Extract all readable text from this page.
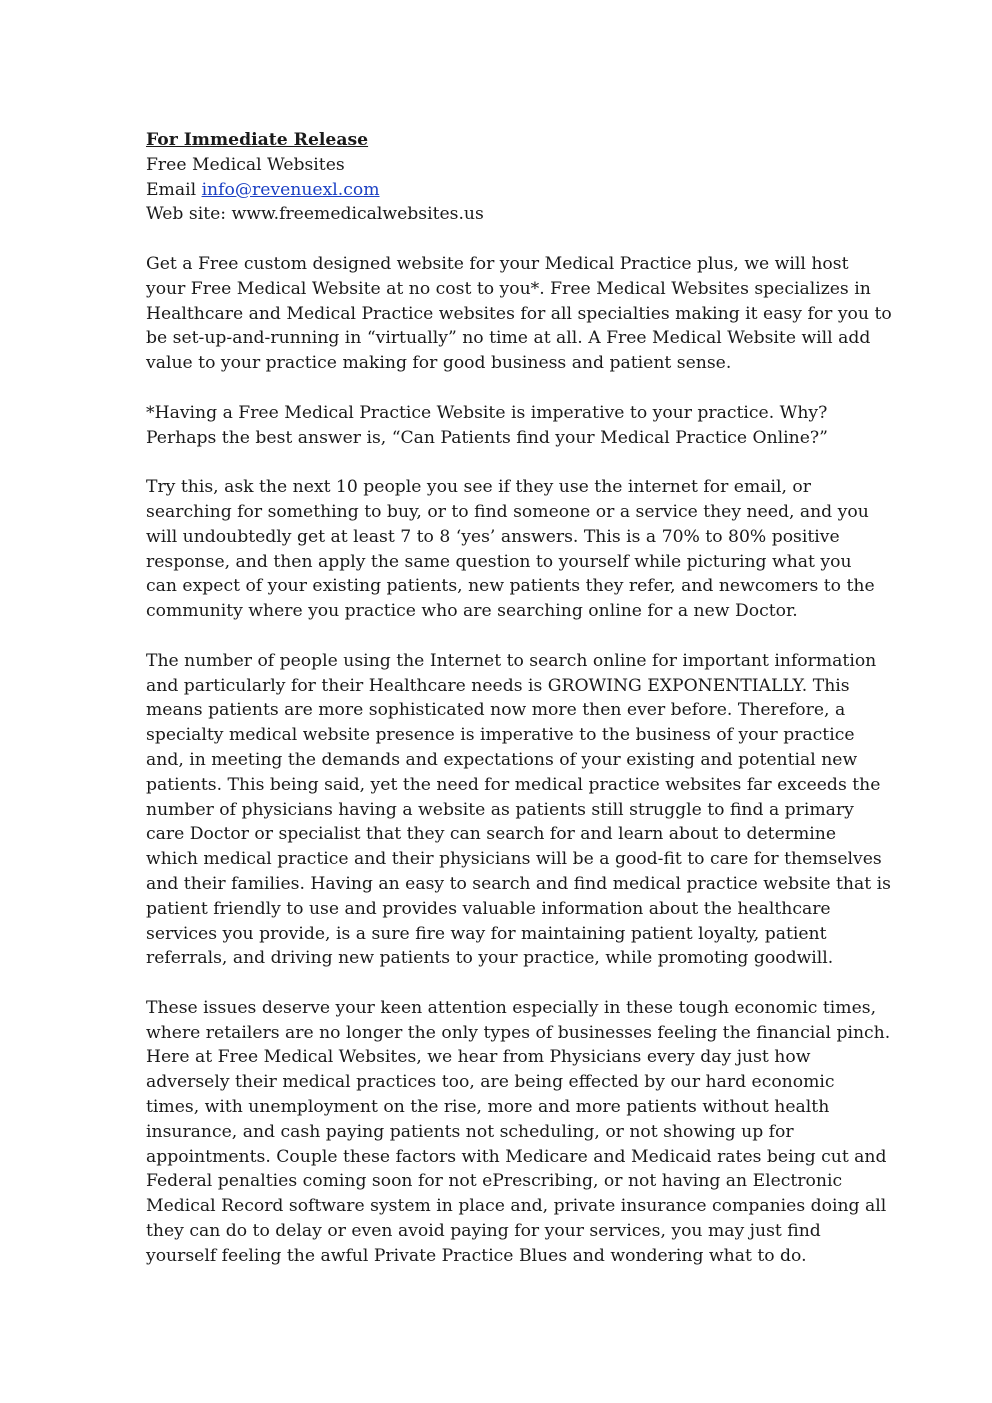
For Immediate Release
Free Medical Websites
Email info@revenuexl.com
Web site: www.freemedicalwebsites.us

Get a Free custom designed website for your Medical Practice plus, we will host
your Free Medical Website at no cost to you*. Free Medical Websites specializes in
Healthcare and Medical Practice websites for all specialties making it easy for you to
be set-up-and-running in “virtually” no time at all. A Free Medical Website will add
value to your practice making for good business and patient sense.

*Having a Free Medical Practice Website is imperative to your practice. Why?
Perhaps the best answer is, “Can Patients find your Medical Practice Online?”

Try this, ask the next 10 people you see if they use the internet for email, or
searching for something to buy, or to find someone or a service they need, and you
will undoubtedly get at least 7 to 8 ‘yes’ answers. This is a 70% to 80% positive
response, and then apply the same question to yourself while picturing what you
can expect of your existing patients, new patients they refer, and newcomers to the
community where you practice who are searching online for a new Doctor.

The number of people using the Internet to search online for important information
and particularly for their Healthcare needs is GROWING EXPONENTIALLY. This
means patients are more sophisticated now more then ever before. Therefore, a
specialty medical website presence is imperative to the business of your practice
and, in meeting the demands and expectations of your existing and potential new
patients. This being said, yet the need for medical practice websites far exceeds the
number of physicians having a website as patients still struggle to find a primary
care Doctor or specialist that they can search for and learn about to determine
which medical practice and their physicians will be a good-fit to care for themselves
and their families. Having an easy to search and find medical practice website that is
patient friendly to use and provides valuable information about the healthcare
services you provide, is a sure fire way for maintaining patient loyalty, patient
referrals, and driving new patients to your practice, while promoting goodwill.

These issues deserve your keen attention especially in these tough economic times,
where retailers are no longer the only types of businesses feeling the financial pinch.
Here at Free Medical Websites, we hear from Physicians every day just how
adversely their medical practices too, are being effected by our hard economic
times, with unemployment on the rise, more and more patients without health
insurance, and cash paying patients not scheduling, or not showing up for
appointments. Couple these factors with Medicare and Medicaid rates being cut and
Federal penalties coming soon for not ePrescribing, or not having an Electronic
Medical Record software system in place and, private insurance companies doing all
they can do to delay or even avoid paying for your services, you may just find
yourself feeling the awful Private Practice Blues and wondering what to do.
